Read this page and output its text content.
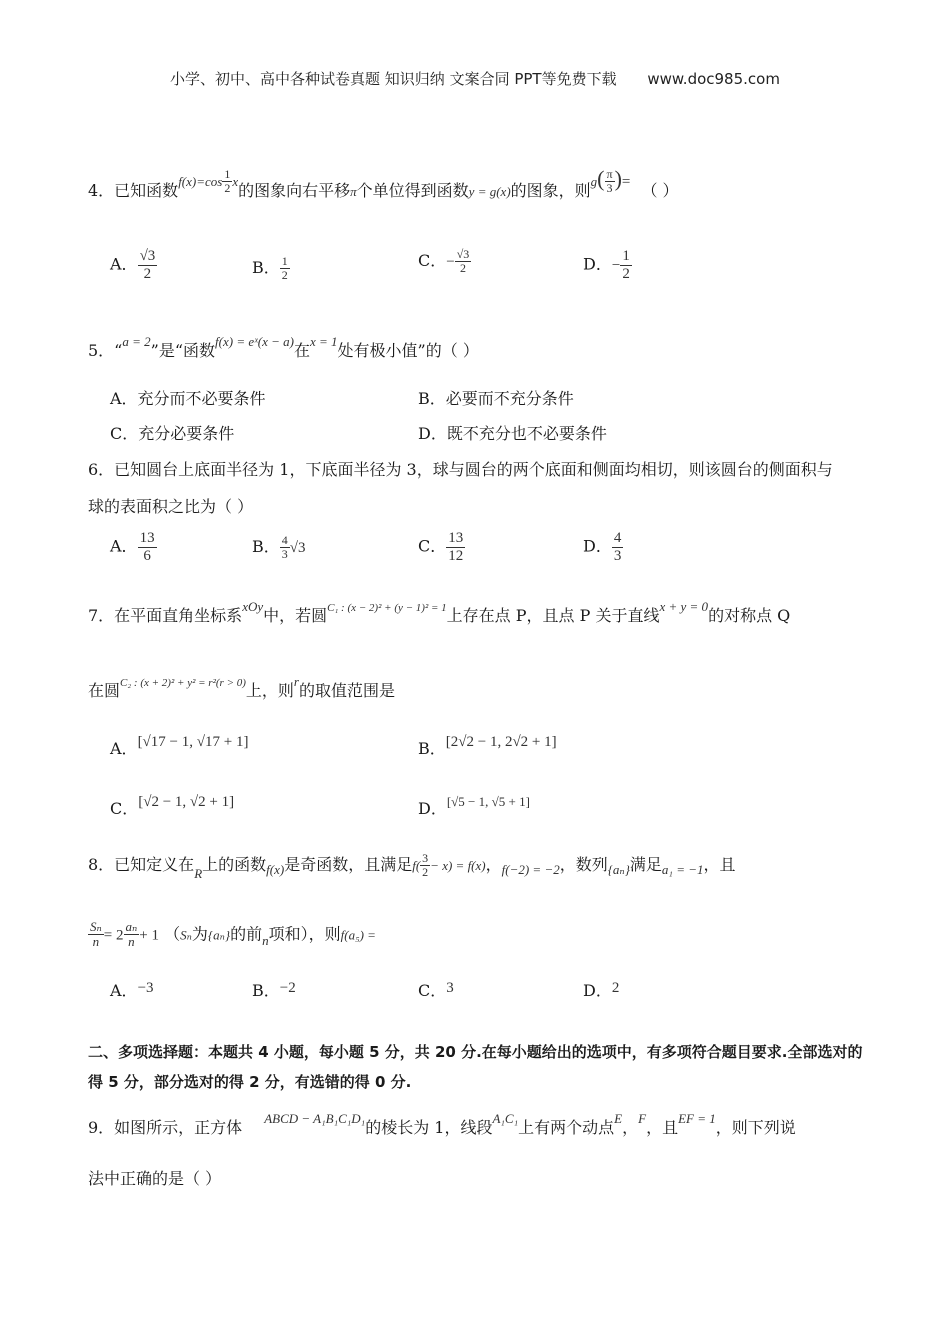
小学、初中、高中各种试卷真题 知识归纳 文案合同 PPT等免费下载 www.doc985.com
4．已知函数$^{f(x)=cos} \frac{1}{2} ^x$的图象向右平移π个单位得到函数y = g(x)的图象，则$^g( \frac{\pi}{3}$ )= （ ）
A． $\frac{√3}{2}$	B． $\frac{1}{2}$	C．− $\frac{√3}{2}$	D．− $\frac{1}{2}$
5．“$^{a = 2}$”是“函数$^{f(x) = eˣ(x - a)}$在$^{x = 1}$处有极小值”的（ ）
A．充分而不必要条件	B．必要而不充分条件
C．充分必要条件	D．既不充分也不必要条件
6．已知圆台上底面半径为 1，下底面半径为 3，球与圆台的两个底面和侧面均相切，则该圆台的侧面积与
球的表面积之比为（ ）
A． $\frac{13}{6}$	B． $\frac{4}{3} √3$	C． $\frac{13}{12}$	D． $\frac{4}{3}$
7．在平面直角坐标系$^{xOy}$中，若圆$^{C_1 : (x - 2)^2 + (y - 1)^2 = 1}$上存在点 P，且点 P 关于直线$^{x + y = 0}$的对称点 Q
在圆$^{C_2 : (x + 2)^2 + y^2 = r^2(r > 0)}$上，则$^r$的取值范围是
A．[√17 − 1, √17 + 1]	B．[2√2 − 1, 2√2 + 1]
C．[√2 − 1, √2 + 1]	D．[√5 − 1, √5 + 1]
8．已知定义在$_R$上的函数$_{f(x)}$是奇函数，且满足$f( \frac{3}{2} - x) = f(x)$，$_{f(-2) = -2}$，数列$_{\{a_n\}}$满足$_{a_1 = -1}$，且
$\frac{\text{Sₙ}}{n} = 2 \frac{\text{aₙ}}{n} + 1$ （Sₙ为{aₙ}的前$_n$项和），则f(a₅) =
A．−3	B．−2	C．3	D．2
二、多项选择题：本题共 4 小题，每小题 5 分，共 20 分.在每小题给出的选项中，有多项符合题目要求.全部选对的得 5 分，部分选对的得 2 分，有选错的得 0 分.
9．如图所示，正方体 $^{ABCD - A_1B_1C_1D_1}$的棱长为 1，线段$^{A_1C_1}$上有两个动点$^E$，$^F$，且$^{EF = 1}$，则下列说
法中正确的是（ ）
